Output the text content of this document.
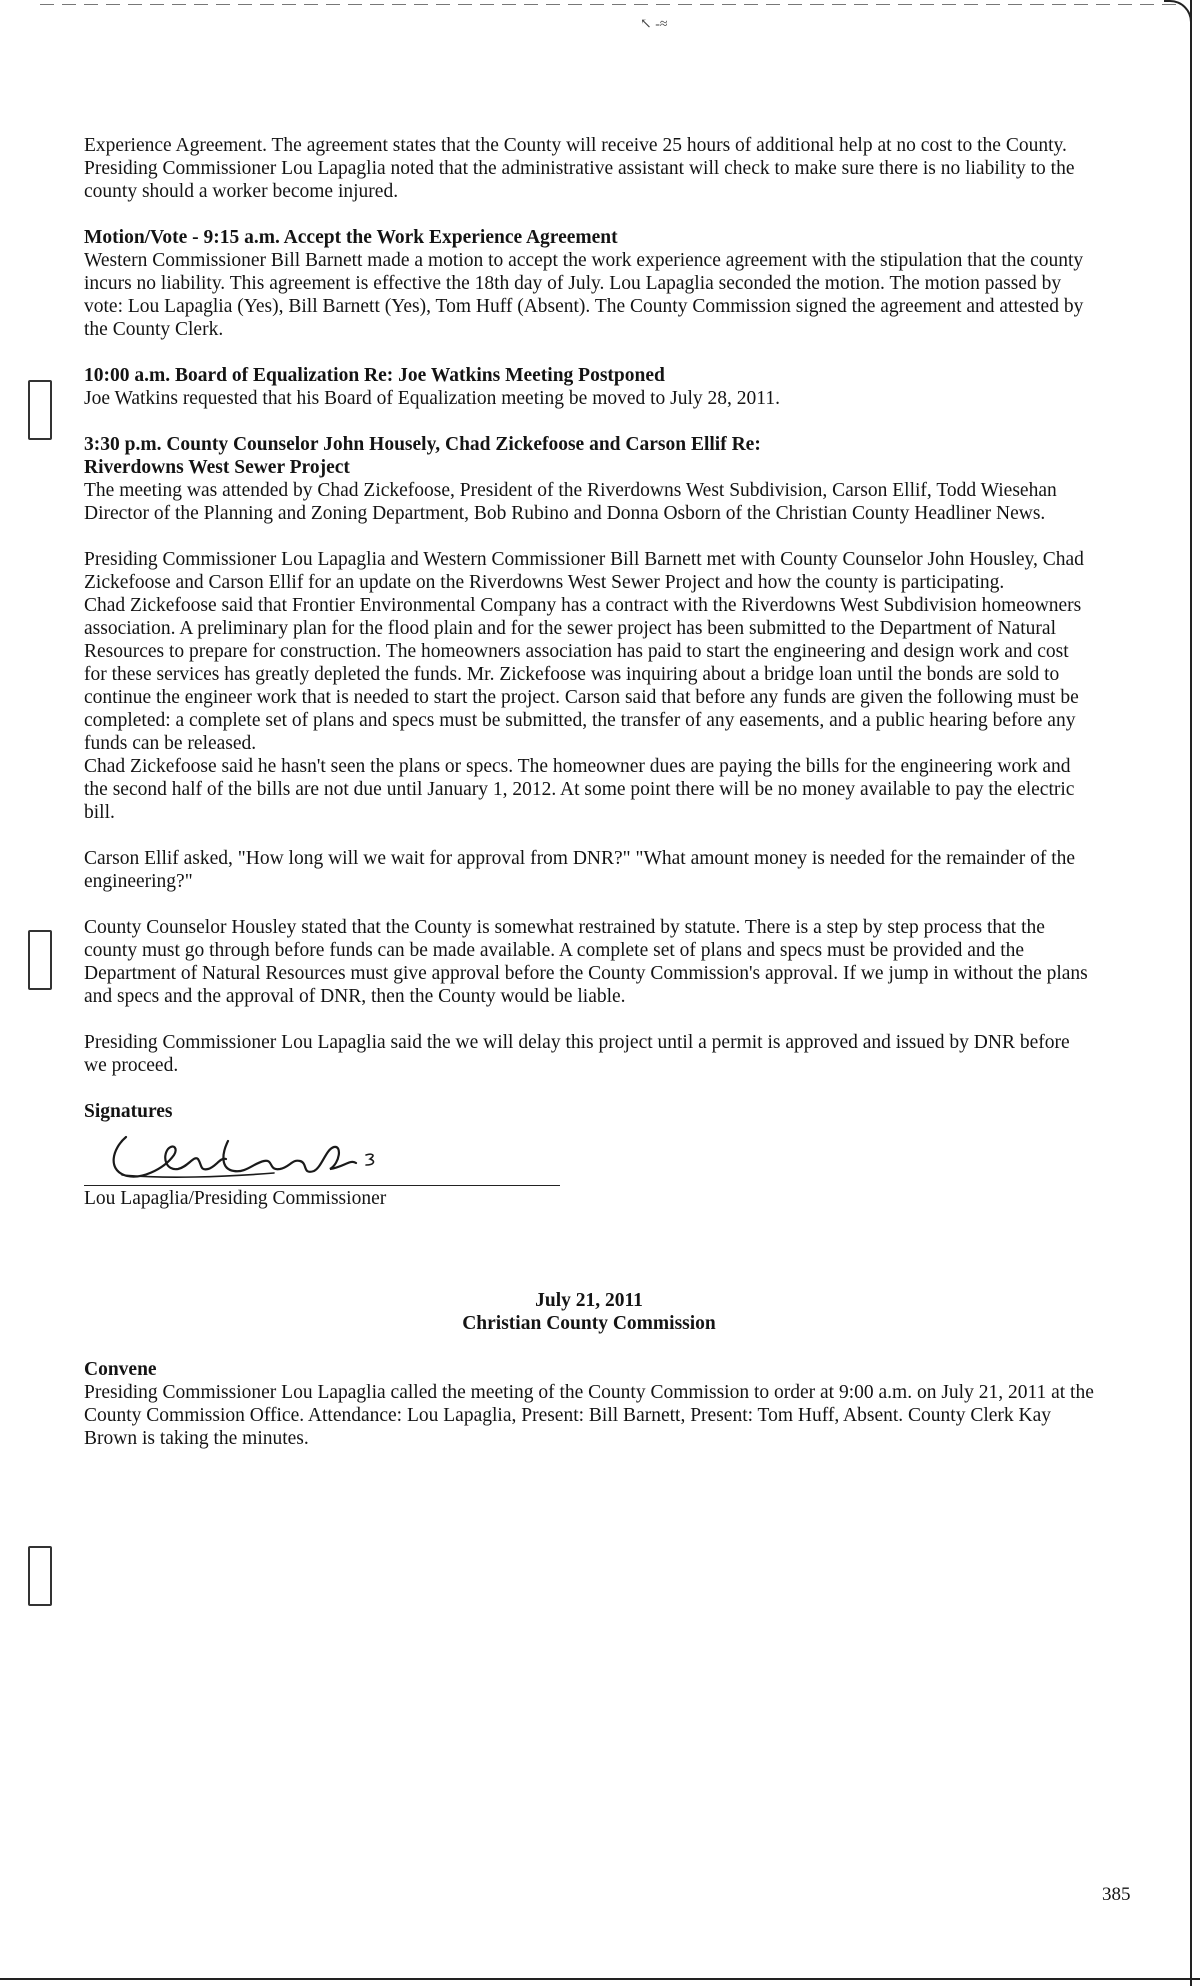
↖ -≈

Experience Agreement. The agreement states that the County will receive 25 hours of additional help at no cost to the County.

Presiding Commissioner Lou Lapaglia noted that the administrative assistant will check to make sure there is no liability to the county should a worker become injured.

Motion/Vote - 9:15 a.m. Accept the Work Experience Agreement

Western Commissioner Bill Barnett made a motion to accept the work experience agreement with the stipulation that the county incurs no liability. This agreement is effective the 18th day of July. Lou Lapaglia seconded the motion. The motion passed by vote: Lou Lapaglia (Yes), Bill Barnett (Yes), Tom Huff (Absent). The County Commission signed the agreement and attested by the County Clerk.

10:00 a.m. Board of Equalization Re: Joe Watkins Meeting Postponed

Joe Watkins requested that his Board of Equalization meeting be moved to July 28, 2011.

3:30 p.m. County Counselor John Housely, Chad Zickefoose and Carson Ellif Re:

Riverdowns West Sewer Project

The meeting was attended by Chad Zickefoose, President of the Riverdowns West Subdivision, Carson Ellif, Todd Wiesehan Director of the Planning and Zoning Department, Bob Rubino and Donna Osborn of the Christian County Headliner News.

Presiding Commissioner Lou Lapaglia and Western Commissioner Bill Barnett met with County Counselor John Housley, Chad Zickefoose and Carson Ellif for an update on the Riverdowns West Sewer Project and how the county is participating.

Chad Zickefoose said that Frontier Environmental Company has a contract with the Riverdowns West Subdivision homeowners association. A preliminary plan for the flood plain and for the sewer project has been submitted to the Department of Natural Resources to prepare for construction. The homeowners association has paid to start the engineering and design work and cost for these services has greatly depleted the funds. Mr. Zickefoose was inquiring about a bridge loan until the bonds are sold to continue the engineer work that is needed to start the project. Carson said that before any funds are given the following must be completed: a complete set of plans and specs must be submitted, the transfer of any easements, and a public hearing before any funds can be released.

Chad Zickefoose said he hasn't seen the plans or specs. The homeowner dues are paying the bills for the engineering work and the second half of the bills are not due until January 1, 2012. At some point there will be no money available to pay the electric bill.

Carson Ellif asked, "How long will we wait for approval from DNR?" "What amount money is needed for the remainder of the engineering?"

County Counselor Housley stated that the County is somewhat restrained by statute. There is a step by step process that the county must go through before funds can be made available. A complete set of plans and specs must be provided and the Department of Natural Resources must give approval before the County Commission's approval. If we jump in without the plans and specs and the approval of DNR, then the County would be liable.

Presiding Commissioner Lou Lapaglia said the we will delay this project until a permit is approved and issued by DNR before we proceed.

Signatures

Lou Lapaglia/Presiding Commissioner

July 21, 2011

Christian County Commission

Convene

Presiding Commissioner Lou Lapaglia called the meeting of the County Commission to order at 9:00 a.m. on July 21, 2011 at the County Commission Office. Attendance: Lou Lapaglia, Present: Bill Barnett, Present: Tom Huff, Absent. County Clerk Kay Brown is taking the minutes.

385
